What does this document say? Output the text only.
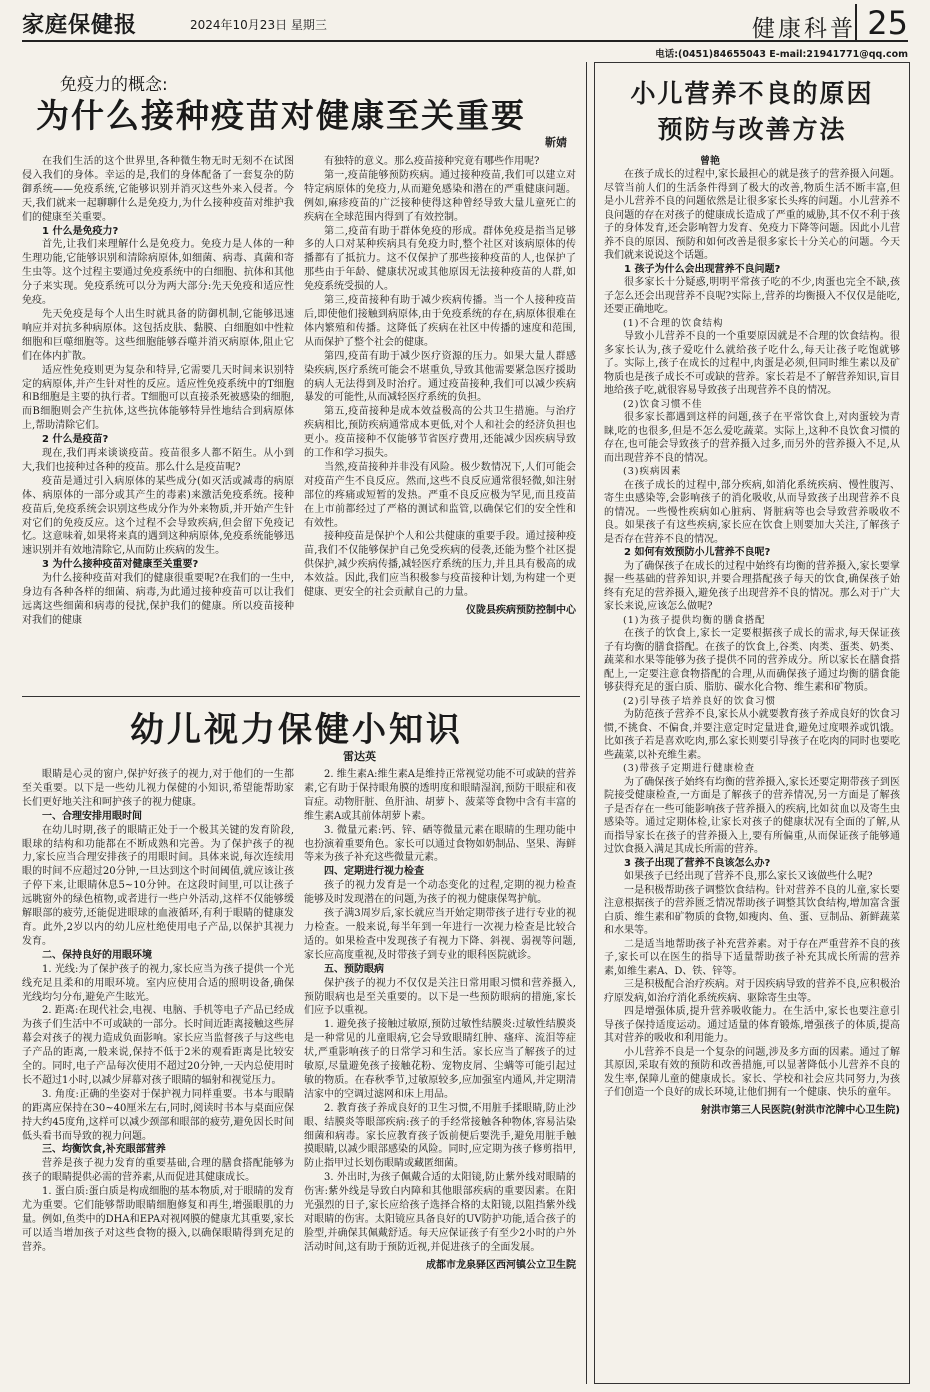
家庭保健报	2024年10月23日 星期三	健康科普 25
电话:(0451)84655043 E-mail:21941771@qq.com
免疫力的概念:
为什么接种疫苗对健康至关重要
靳婧

在我们生活的这个世界里,各种微生物无时无刻不在试图侵入我们的身体。幸运的是,我们的身体配备了一套复杂的防御系统——免疫系统,它能够识别并消灭这些外来入侵者。今天,我们就来一起聊聊什么是免疫力,为什么接种疫苗对维护我们的健康至关重要。

1 什么是免疫力?

首先,让我们来理解什么是免疫力。免疫力是人体的一种生理功能,它能够识别和清除病原体,如细菌、病毒、真菌和寄生虫等。这个过程主要通过免疫系统中的白细胞、抗体和其他分子来实现。免疫系统可以分为两大部分:先天免疫和适应性免疫。

先天免疫是每个人出生时就具备的防御机制,它能够迅速响应并对抗多种病原体。这包括皮肤、黏膜、白细胞如中性粒细胞和巨噬细胞等。这些细胞能够吞噬并消灭病原体,阻止它们在体内扩散。

适应性免疫则更为复杂和特异,它需要几天时间来识别特定的病原体,并产生针对性的反应。适应性免疫系统中的T细胞和B细胞是主要的执行者。T细胞可以直接杀死被感染的细胞,而B细胞则会产生抗体,这些抗体能够特异性地结合到病原体上,帮助清除它们。

2 什么是疫苗?

现在,我们再来谈谈疫苗。疫苗很多人都不陌生。从小到大,我们也接种过各种的疫苗。那么什么是疫苗呢?

疫苗是通过引入病原体的某些成分(如灭活或减毒的病原体、病原体的一部分或其产生的毒素)来激活免疫系统。接种疫苗后,免疫系统会识别这些成分作为外来物质,并开始产生针对它们的免疫反应。这个过程不会导致疾病,但会留下免疫记忆。这意味着,如果将来真的遇到这种病原体,免疫系统能够迅速识别并有效地清除它,从而防止疾病的发生。

3 为什么接种疫苗对健康至关重要?

为什么接种疫苗对我们的健康很重要呢?在我们的一生中,身边有各种各样的细菌、病毒,为此通过接种疫苗可以让我们远离这些细菌和病毒的侵扰,保护我们的健康。所以疫苗接种对我们的健康

有独特的意义。那么疫苗接种究竟有哪些作用呢?

第一,疫苗能够预防疾病。通过接种疫苗,我们可以建立对特定病原体的免疫力,从而避免感染和潜在的严重健康问题。例如,麻疹疫苗的广泛接种使得这种曾经导致大量儿童死亡的疾病在全球范围内得到了有效控制。

第二,疫苗有助于群体免疫的形成。群体免疫是指当足够多的人口对某种疾病具有免疫力时,整个社区对该病原体的传播都有了抵抗力。这不仅保护了那些接种疫苗的人,也保护了那些由于年龄、健康状况或其他原因无法接种疫苗的人群,如免疫系统受损的人。

第三,疫苗接种有助于减少疾病传播。当一个人接种疫苗后,即使他们接触到病原体,由于免疫系统的存在,病原体很难在体内繁殖和传播。这降低了疾病在社区中传播的速度和范围,从而保护了整个社会的健康。

第四,疫苗有助于减少医疗资源的压力。如果大量人群感染疾病,医疗系统可能会不堪重负,导致其他需要紧急医疗援助的病人无法得到及时治疗。通过疫苗接种,我们可以减少疾病暴发的可能性,从而减轻医疗系统的负担。

第五,疫苗接种是成本效益极高的公共卫生措施。与治疗疾病相比,预防疾病通常成本更低,对个人和社会的经济负担也更小。疫苗接种不仅能够节省医疗费用,还能减少因疾病导致的工作和学习损失。

当然,疫苗接种并非没有风险。极少数情况下,人们可能会对疫苗产生不良反应。然而,这些不良反应通常很轻微,如注射部位的疼痛或短暂的发热。严重不良反应极为罕见,而且疫苗在上市前都经过了严格的测试和监管,以确保它们的安全性和有效性。

接种疫苗是保护个人和公共健康的重要手段。通过接种疫苗,我们不仅能够保护自己免受疾病的侵袭,还能为整个社区提供保护,减少疾病传播,减轻医疗系统的压力,并且具有极高的成本效益。因此,我们应当积极参与疫苗接种计划,为构建一个更健康、更安全的社会贡献自己的力量。

仪陇县疾病预防控制中心

幼儿视力保健小知识
雷达英

眼睛是心灵的窗户,保护好孩子的视力,对于他们的一生都至关重要。以下是一些幼儿视力保健的小知识,希望能帮助家长们更好地关注和呵护孩子的视力健康。

一、合理安排用眼时间

在幼儿时期,孩子的眼睛正处于一个极其关键的发育阶段,眼球的结构和功能都在不断成熟和完善。为了保护孩子的视力,家长应当合理安排孩子的用眼时间。具体来说,每次连续用眼的时间不应超过20分钟,一旦达到这个时间阈值,就应该让孩子停下来,让眼睛休息5~10分钟。在这段时间里,可以让孩子远眺窗外的绿色植物,或者进行一些户外活动,这样不仅能够缓解眼部的疲劳,还能促进眼球的血液循环,有利于眼睛的健康发育。此外,2岁以内的幼儿应杜绝使用电子产品,以保护其视力发育。

二、保持良好的用眼环境

1. 光线:为了保护孩子的视力,家长应当为孩子提供一个光线充足且柔和的用眼环境。室内应使用合适的照明设备,确保光线均匀分布,避免产生眩光。

2. 距离:在现代社会,电视、电脑、手机等电子产品已经成为孩子们生活中不可或缺的一部分。长时间近距离接触这些屏幕会对孩子的视力造成负面影响。家长应当监督孩子与这些电子产品的距离,一般来说,保持不低于2米的观看距离是比较安全的。同时,电子产品每次使用不超过20分钟,一天内总使用时长不超过1小时,以减少屏幕对孩子眼睛的辐射和视觉压力。

3. 角度:正确的坐姿对于保护视力同样重要。书本与眼睛的距离应保持在30~40厘米左右,同时,阅读时书本与桌面应保持大约45度角,这样可以减少颈部和眼部的疲劳,避免因长时间低头看书而导致的视力问题。

三、均衡饮食,补充眼部营养

营养是孩子视力发育的重要基础,合理的膳食搭配能够为孩子的眼睛提供必需的营养素,从而促进其健康成长。

1. 蛋白质:蛋白质是构成细胞的基本物质,对于眼睛的发育尤为重要。它们能够帮助眼睛细胞修复和再生,增强眼肌的力量。例如,鱼类中的DHA和EPA对视网膜的健康尤其重要,家长可以适当增加孩子对这些食物的摄入,以确保眼睛得到充足的营养。

2. 维生素A:维生素A是维持正常视觉功能不可或缺的营养素,它有助于保持眼角膜的透明度和眼睛湿润,预防干眼症和夜盲症。动物肝脏、鱼肝油、胡萝卜、菠菜等食物中含有丰富的维生素A或其前体胡萝卜素。

3. 微量元素:钙、锌、硒等微量元素在眼睛的生理功能中也扮演着重要角色。家长可以通过食物如奶制品、坚果、海鲜等来为孩子补充这些微量元素。

四、定期进行视力检查

孩子的视力发育是一个动态变化的过程,定期的视力检查能够及时发现潜在的问题,为孩子的视力健康保驾护航。

孩子满3周岁后,家长就应当开始定期带孩子进行专业的视力检查。一般来说,每半年到一年进行一次视力检查是比较合适的。如果检查中发现孩子有视力下降、斜视、弱视等问题,家长应高度重视,及时带孩子到专业的眼科医院就诊。

五、预防眼病

保护孩子的视力不仅仅是关注日常用眼习惯和营养摄入,预防眼病也是至关重要的。以下是一些预防眼病的措施,家长们应予以重视。

1. 避免孩子接触过敏原,预防过敏性结膜炎:过敏性结膜炎是一种常见的儿童眼病,它会导致眼睛红肿、瘙痒、流泪等症状,严重影响孩子的日常学习和生活。家长应当了解孩子的过敏原,尽量避免孩子接触花粉、宠物皮屑、尘螨等可能引起过敏的物质。在春秋季节,过敏原较多,应加强室内通风,并定期清洁家中的空调过滤网和床上用品。

2. 教育孩子养成良好的卫生习惯,不用脏手揉眼睛,防止沙眼、结膜炎等眼部疾病:孩子的手经常接触各种物体,容易沾染细菌和病毒。家长应教育孩子饭前便后要洗手,避免用脏手触摸眼睛,以减少眼部感染的风险。同时,应定期为孩子修剪指甲,防止指甲过长划伤眼睛或藏匿细菌。

3. 外出时,为孩子佩戴合适的太阳镜,防止紫外线对眼睛的伤害:紫外线是导致白内障和其他眼部疾病的重要因素。在阳光强烈的日子,家长应给孩子选择合格的太阳镜,以阻挡紫外线对眼睛的伤害。太阳镜应具备良好的UV防护功能,适合孩子的脸型,并确保其佩戴舒适。每天应保证孩子有至少2小时的户外活动时间,这有助于预防近视,并促进孩子的全面发展。

成都市龙泉驿区西河镇公立卫生院

小儿营养不良的原因
预防与改善方法
曾艳

在孩子成长的过程中,家长最担心的就是孩子的营养摄入问题。尽管当前人们的生活条件得到了极大的改善,物质生活不断丰富,但是小儿营养不良的问题依然是让很多家长头疼的问题。小儿营养不良问题的存在对孩子的健康成长造成了严重的威胁,其不仅不利于孩子的身体发育,还会影响智力发育、免疫力下降等问题。因此小儿营养不良的原因、预防和如何改善是很多家长十分关心的问题。今天我们就来说说这个话题。

1 孩子为什么会出现营养不良问题?

很多家长十分疑惑,明明平常孩子吃的不少,肉蛋也完全不缺,孩子怎么还会出现营养不良呢?实际上,营养的均衡摄入不仅仅是能吃,还要正确地吃。

(1)不合理的饮食结构

导致小儿营养不良的一个重要原因就是不合理的饮食结构。很多家长认为,孩子爱吃什么就给孩子吃什么,每天让孩子吃饱就够了。实际上,孩子在成长的过程中,肉蛋是必须,但同时维生素以及矿物质也是孩子成长不可或缺的营养。家长若是不了解营养知识,盲目地给孩子吃,就很容易导致孩子出现营养不良的情况。

(2)饮食习惯不佳

很多家长都遇到这样的问题,孩子在平常饮食上,对肉蛋较为青睐,吃的也很多,但是不怎么爱吃蔬菜。实际上,这种不良饮食习惯的存在,也可能会导致孩子的营养摄入过多,而另外的营养摄入不足,从而出现营养不良的情况。

(3)疾病因素

在孩子成长的过程中,部分疾病,如消化系统疾病、慢性腹泻、寄生虫感染等,会影响孩子的消化吸收,从而导致孩子出现营养不良的情况。一些慢性疾病如心脏病、肾脏病等也会导致营养吸收不良。如果孩子有这些疾病,家长应在饮食上则要加大关注,了解孩子是否存在营养不良的情况。

2 如何有效预防小儿营养不良呢?

为了确保孩子在成长的过程中始终有均衡的营养摄入,家长要掌握一些基础的营养知识,并要合理搭配孩子每天的饮食,确保孩子始终有充足的营养摄入,避免孩子出现营养不良的情况。那么对于广大家长来说,应该怎么做呢?

(1)为孩子提供均衡的膳食搭配

在孩子的饮食上,家长一定要根据孩子成长的需求,每天保证孩子有均衡的膳食搭配。在孩子的饮食上,谷类、肉类、蛋类、奶类、蔬菜和水果等能够为孩子提供不同的营养成分。所以家长在膳食搭配上,一定要注意食物搭配的合理,从而确保孩子通过均衡的膳食能够获得充足的蛋白质、脂肪、碳水化合物、维生素和矿物质。

(2)引导孩子培养良好的饮食习惯

为防范孩子营养不良,家长从小就要教育孩子养成良好的饮食习惯,不挑食、不偏食,并要注意定时定量进食,避免过度喂养或饥饿。比如孩子若是喜欢吃肉,那么家长则要引导孩子在吃肉的同时也要吃些蔬菜,以补充维生素。

(3)带孩子定期进行健康检查

为了确保孩子始终有均衡的营养摄入,家长还要定期带孩子到医院接受健康检查,一方面是了解孩子的营养情况,另一方面是了解孩子是否存在一些可能影响孩子营养摄入的疾病,比如贫血以及寄生虫感染等。通过定期体检,让家长对孩子的健康状况有全面的了解,从而指导家长在孩子的营养摄入上,要有所偏重,从而保证孩子能够通过饮食摄入满足其成长所需的营养。

3 孩子出现了营养不良该怎么办?

如果孩子已经出现了营养不良,那么家长又该做些什么呢?

一是积极帮助孩子调整饮食结构。针对营养不良的儿童,家长要注意根据孩子的营养匮乏情况帮助孩子调整其饮食结构,增加富含蛋白质、维生素和矿物质的食物,如瘦肉、鱼、蛋、豆制品、新鲜蔬菜和水果等。

二是适当地帮助孩子补充营养素。对于存在严重营养不良的孩子,家长可以在医生的指导下适量帮助孩子补充其成长所需的营养素,如维生素A、D、铁、锌等。

三是积极配合治疗疾病。对于因疾病导致的营养不良,应积极治疗原发病,如治疗消化系统疾病、驱除寄生虫等。

四是增强体质,提升营养吸收能力。在生活中,家长也要注意引导孩子保持适度运动。通过适量的体育锻炼,增强孩子的体质,提高其对营养的吸收和利用能力。

小儿营养不良是一个复杂的问题,涉及多方面的因素。通过了解其原因,采取有效的预防和改善措施,可以显著降低小儿营养不良的发生率,保障儿童的健康成长。家长、学校和社会应共同努力,为孩子们创造一个良好的成长环境,让他们拥有一个健康、快乐的童年。

射洪市第三人民医院(射洪市沱牌中心卫生院)
